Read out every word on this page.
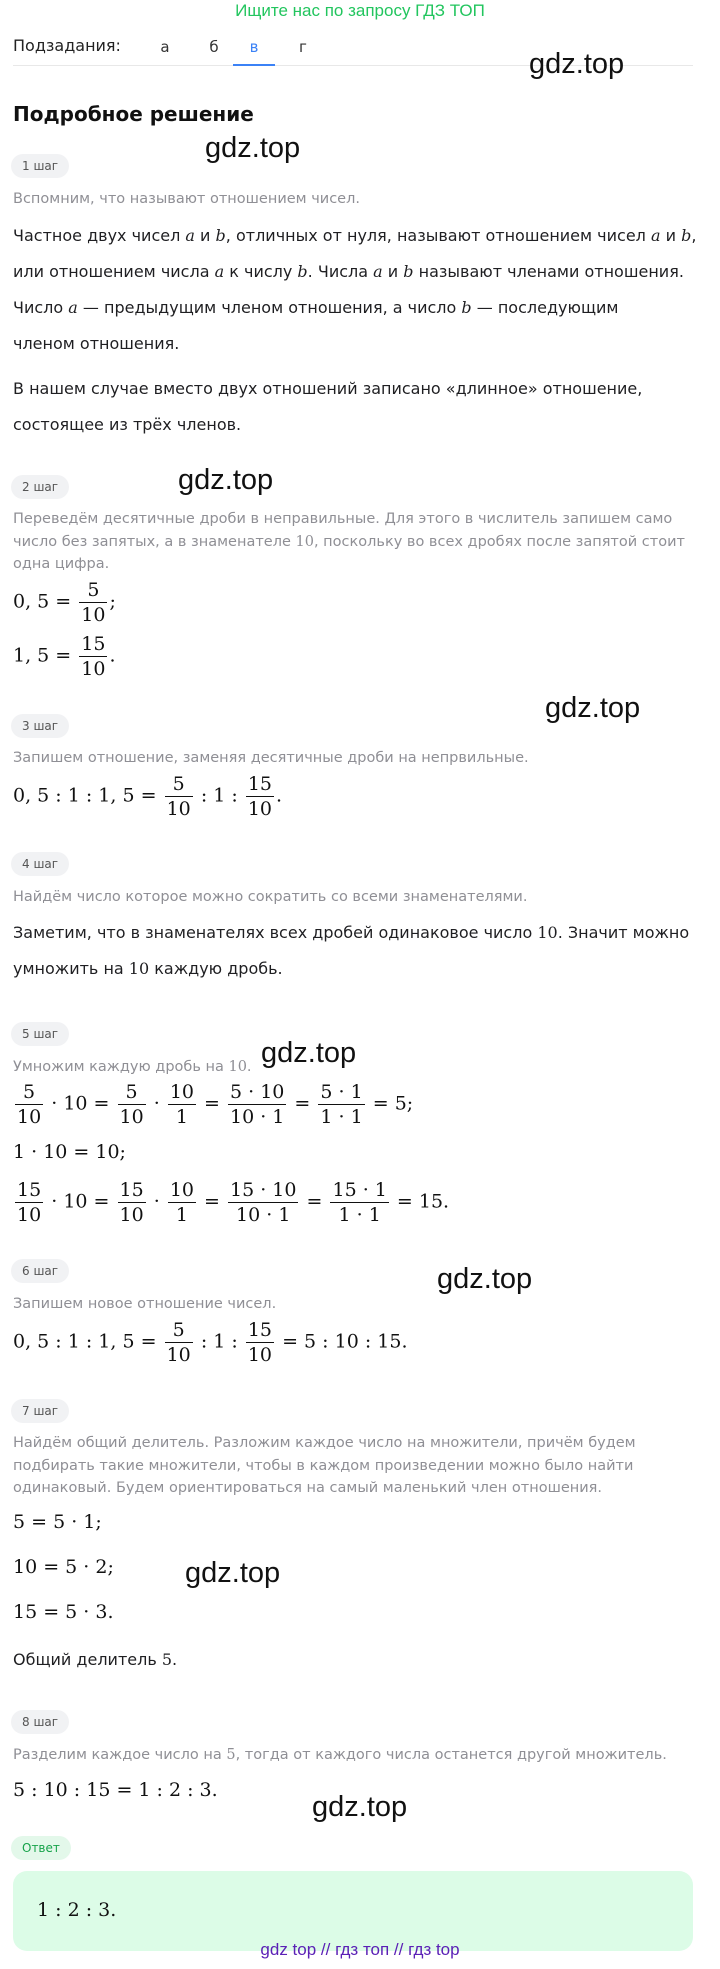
Ищите нас по запросу ГДЗ ТОП
Подзадания:	а	б	в	г
gdz.top
gdz.top
gdz.top
gdz.top
gdz.top
gdz.top
gdz.top
gdz.top
Подробное решение
1 шаг
Вспомним, что называют отношением чисел.
Частное двух чисел a и b, отличных от нуля, называют отношением чисел a и b,
или отношением числа a к числу b. Числа a и b называют членами отношения.
Число a — предыдущим членом отношения, а число b — последующим
членом отношения.
В нашем случае вместо двух отношений записано «длинное» отношение,
состоящее из трёх членов.
2 шаг
Переведём десятичные дроби в неправильные. Для этого в числитель запишем само
число без запятых, а в знаменателе 10, поскольку во всех дробях после запятой стоит
одна цифра.
0, $5 = \frac{5}{10}$ ;
1, $5 = \frac{15}{10}$ .
3 шаг
Запишем отношение, заменяя десятичные дроби на непрвильные.
0, 5 : 1 : 1, $5 = \frac{5}{10}$ : 1 : $\frac{15}{10}$ .
4 шаг
Найдём число которое можно сократить со всеми знаменателями.
Заметим, что в знаменателях всех дробей одинаковое число 10. Значит можно
умножить на 10 каждую дробь.
5 шаг
Умножим каждую дробь на 10.
$\frac{5}{10} \cdot 10 = \frac{5}{10} \cdot \frac{10}{1} = \frac{5 \cdot 10}{10 \cdot 1} = \frac{5 \cdot 1}{1 \cdot 1} = 5$;
1 · 10 = 10;
$\frac{15}{10} \cdot 10 = \frac{15}{10} \cdot \frac{10}{1} = \frac{15 \cdot 10}{10 \cdot 1} = \frac{15 \cdot 1}{1 \cdot 1} = 15$.
6 шаг
Запишем новое отношение чисел.
0, 5 : 1 : 1, $5 = \frac{5}{10}$ : 1 : $\frac{15}{10} = 5$ : 10 : 15.
7 шаг
Найдём общий делитель. Разложим каждое число на множители, причём будем
подбирать такие множители, чтобы в каждом произведении можно было найти
одинаковый. Будем ориентироваться на самый маленький член отношения.
5 = 5 · 1;
10 = 5 · 2;
15 = 5 · 3.
Общий делитель 5.
8 шаг
Разделим каждое число на 5, тогда от каждого числа останется другой множитель.
5 : 10 : 15 = 1 : 2 : 3.
Ответ
1 : 2 : 3.
gdz top // гдз топ // гдз top
